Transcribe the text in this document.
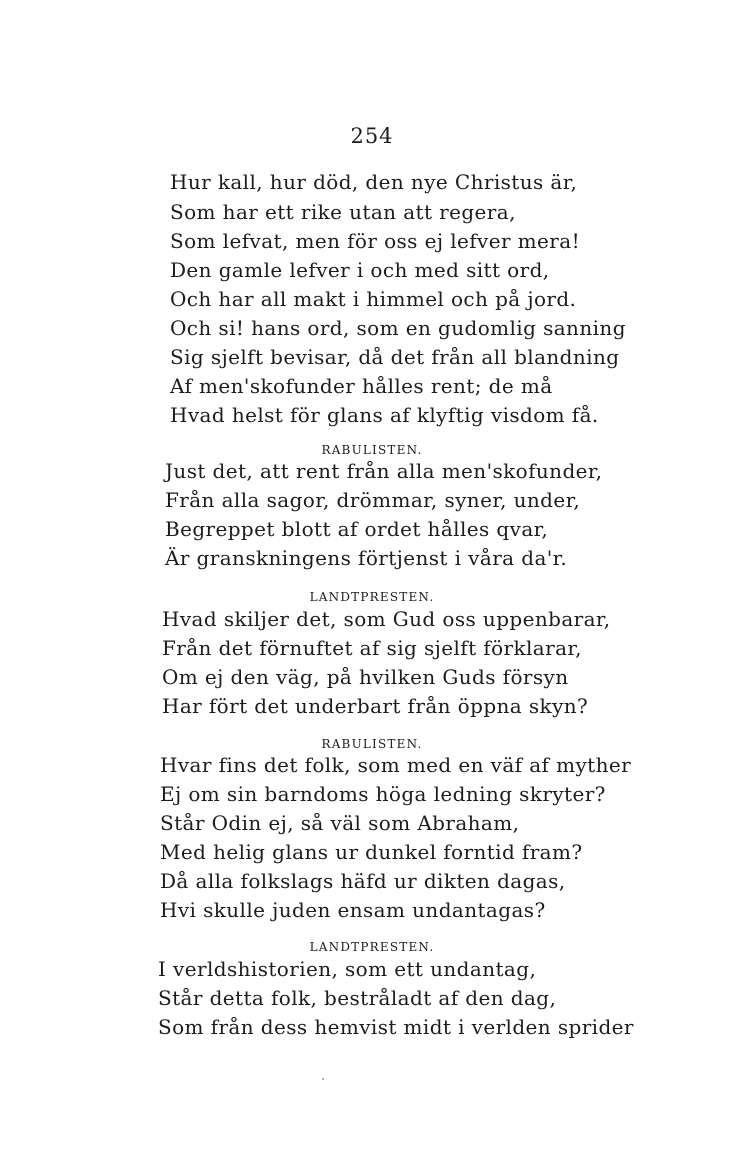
254
Hur kall, hur död, den nye Christus är,
Som har ett rike utan att regera,
Som lefvat, men för oss ej lefver mera!
Den gamle lefver i och med sitt ord,
Och har all makt i himmel och på jord.
Och si! hans ord, som en gudomlig sanning
Sig sjelft bevisar, då det från all blandning
Af men'skofunder hålles rent; de må
Hvad helst för glans af klyftig visdom få.
RABULISTEN.
Just det, att rent från alla men'skofunder,
Från alla sagor, drömmar, syner, under,
Begreppet blott af ordet hålles qvar,
Är granskningens förtjenst i våra da'r.
LANDTPRESTEN.
Hvad skiljer det, som Gud oss uppenbarar,
Från det förnuftet af sig sjelft förklarar,
Om ej den väg, på hvilken Guds försyn
Har fört det underbart från öppna skyn?
RABULISTEN.
Hvar fins det folk, som med en väf af myther
Ej om sin barndoms höga ledning skryter?
Står Odin ej, så väl som Abraham,
Med helig glans ur dunkel forntid fram?
Då alla folkslags häfd ur dikten dagas,
Hvi skulle juden ensam undantagas?
LANDTPRESTEN.
I verldshistorien, som ett undantag,
Står detta folk, bestråladt af den dag,
Som från dess hemvist midt i verlden sprider
